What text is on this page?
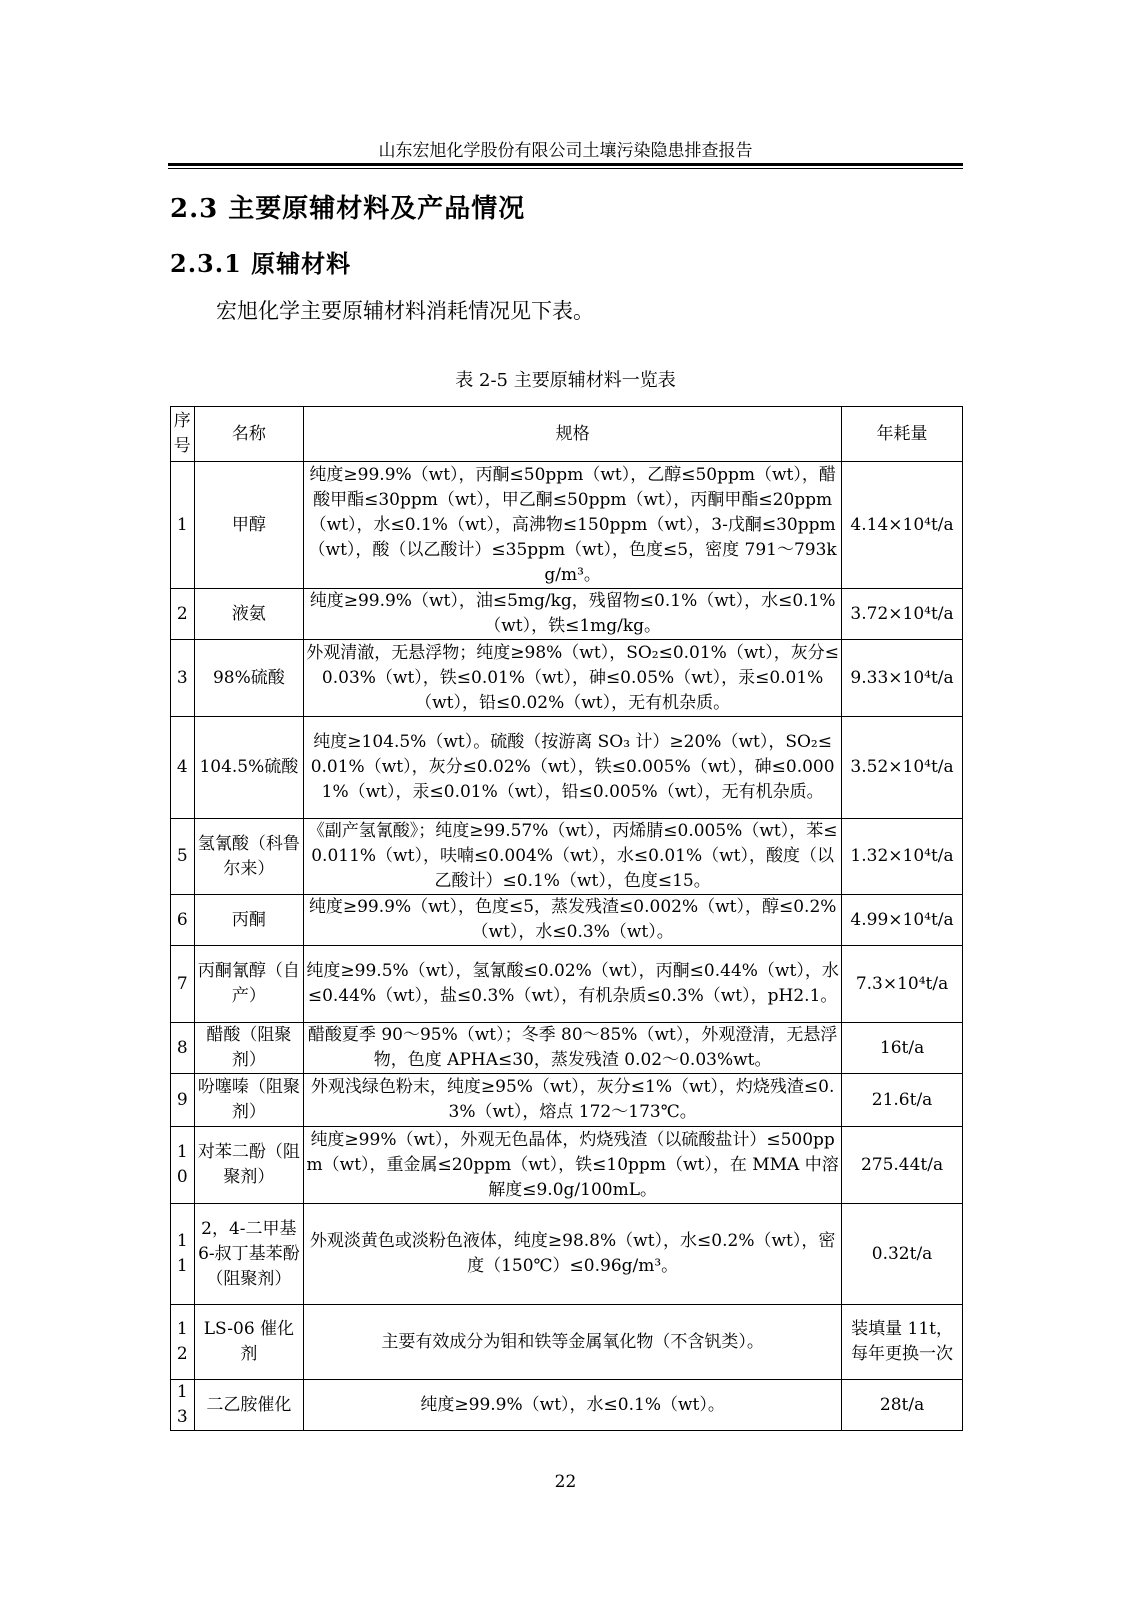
山东宏旭化学股份有限公司土壤污染隐患排查报告
2.3 主要原辅材料及产品情况
2.3.1 原辅材料
宏旭化学主要原辅材料消耗情况见下表。
表 2-5 主要原辅材料一览表
序号	名称	规格	年耗量
1	甲醇	纯度≥99.9%（wt），丙酮≤50ppm（wt），乙醇≤50ppm（wt），醋酸甲酯≤30ppm（wt），甲乙酮≤50ppm（wt），丙酮甲酯≤20ppm（wt），水≤0.1%（wt），高沸物≤150ppm（wt），3-戊酮≤30ppm（wt），酸（以乙酸计）≤35ppm（wt），色度≤5，密度 791～793kg/m³。	4.14×10⁴t/a
2	液氨	纯度≥99.9%（wt），油≤5mg/kg，残留物≤0.1%（wt），水≤0.1%（wt），铁≤1mg/kg。	3.72×10⁴t/a
3	98%硫酸	外观清澈，无悬浮物；纯度≥98%（wt），SO₂≤0.01%（wt），灰分≤0.03%（wt），铁≤0.01%（wt），砷≤0.05%（wt），汞≤0.01%（wt），铅≤0.02%（wt），无有机杂质。	9.33×10⁴t/a
4	104.5%硫酸	纯度≥104.5%（wt）。硫酸（按游离 SO₃ 计）≥20%（wt），SO₂≤0.01%（wt），灰分≤0.02%（wt），铁≤0.005%（wt），砷≤0.0001%（wt），汞≤0.01%（wt），铅≤0.005%（wt），无有机杂质。	3.52×10⁴t/a
5	氢氰酸（科鲁尔来）	《副产氢氰酸》；纯度≥99.57%（wt），丙烯腈≤0.005%（wt），苯≤0.011%（wt），呋喃≤0.004%（wt），水≤0.01%（wt），酸度（以乙酸计）≤0.1%（wt），色度≤15。	1.32×10⁴t/a
6	丙酮	纯度≥99.9%（wt），色度≤5，蒸发残渣≤0.002%（wt），醇≤0.2%（wt），水≤0.3%（wt）。	4.99×10⁴t/a
7	丙酮氰醇（自产）	纯度≥99.5%（wt），氢氰酸≤0.02%（wt），丙酮≤0.44%（wt），水≤0.44%（wt），盐≤0.3%（wt），有机杂质≤0.3%（wt），pH2.1。	7.3×10⁴t/a
8	醋酸（阻聚剂）	醋酸夏季 90～95%（wt）；冬季 80～85%（wt），外观澄清，无悬浮物，色度 APHA≤30，蒸发残渣 0.02～0.03%wt。	16t/a
9	吩噻嗪（阻聚剂）	外观浅绿色粉末，纯度≥95%（wt），灰分≤1%（wt），灼烧残渣≤0.3%（wt），熔点 172～173℃。	21.6t/a
10	对苯二酚（阻聚剂）	纯度≥99%（wt），外观无色晶体，灼烧残渣（以硫酸盐计）≤500ppm（wt），重金属≤20ppm（wt），铁≤10ppm（wt），在 MMA 中溶解度≤9.0g/100mL。	275.44t/a
11	2，4-二甲基6-叔丁基苯酚（阻聚剂）	外观淡黄色或淡粉色液体，纯度≥98.8%（wt），水≤0.2%（wt），密度（150℃）≤0.96g/m³。	0.32t/a
12	LS-06 催化剂	主要有效成分为钼和铁等金属氧化物（不含钒类）。	装填量 11t，每年更换一次
13	二乙胺催化	纯度≥99.9%（wt），水≤0.1%（wt）。	28t/a
22
